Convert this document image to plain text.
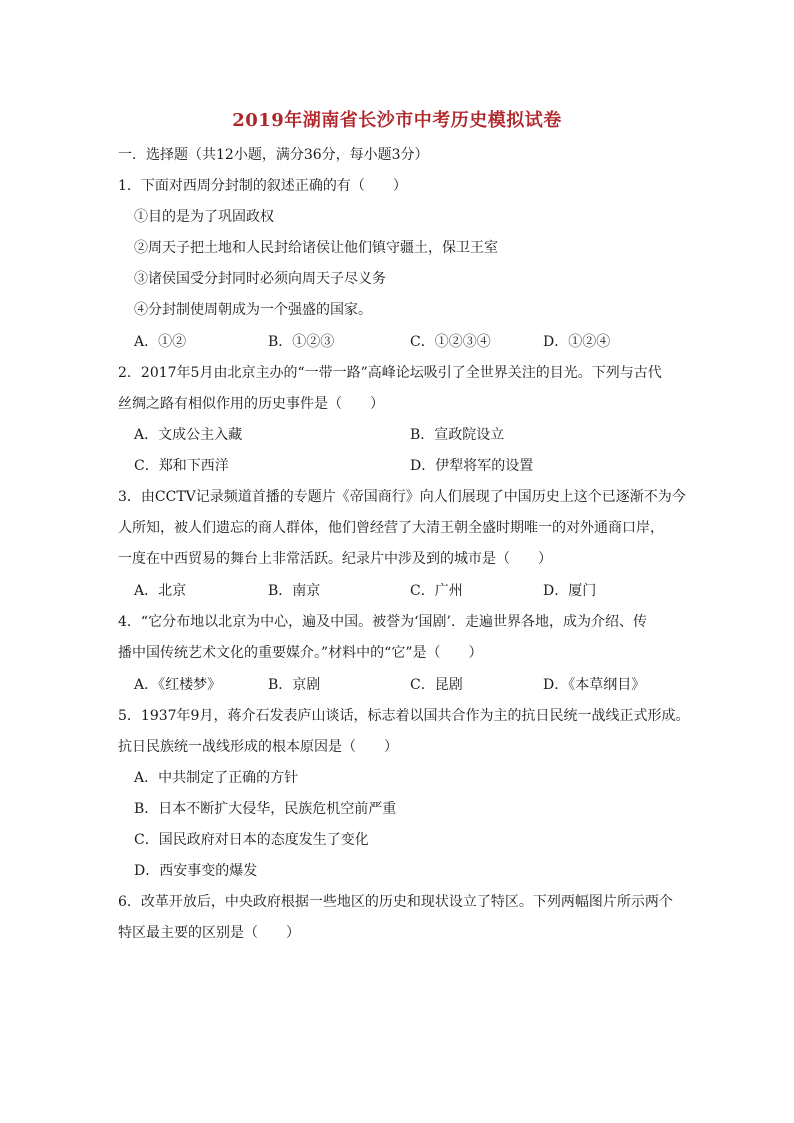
2019年湖南省长沙市中考历史模拟试卷
一．选择题（共12小题，满分36分，每小题3分）
1．下面对西周分封制的叙述正确的有（　　）
①目的是为了巩固政权
②周天子把土地和人民封给诸侯让他们镇守疆土，保卫王室
③诸侯国受分封同时必须向周天子尽义务
④分封制使周朝成为一个强盛的国家。
A．①②	B．①②③	C．①②③④	D．①②④
2．2017年5月由北京主办的“一带一路”高峰论坛吸引了全世界关注的目光。下列与古代
丝绸之路有相似作用的历史事件是（　　）
A．文成公主入藏	B．宣政院设立
C．郑和下西洋	D．伊犁将军的设置
3．由CCTV记录频道首播的专题片《帝国商行》向人们展现了中国历史上这个已逐渐不为今
人所知，被人们遗忘的商人群体，他们曾经营了大清王朝全盛时期唯一的对外通商口岸，
一度在中西贸易的舞台上非常活跃。纪录片中涉及到的城市是（　　）
A．北京	B．南京	C．广州	D．厦门
4．“它分布地以北京为中心，遍及中国。被誉为‘国剧’．走遍世界各地，成为介绍、传
播中国传统艺术文化的重要媒介。”材料中的“它”是（　　）
A．《红楼梦》	B．京剧	C．昆剧	D．《本草纲目》
5．1937年9月，蒋介石发表庐山谈话，标志着以国共合作为主的抗日民统一战线正式形成。
抗日民族统一战线形成的根本原因是（　　）
A．中共制定了正确的方针
B．日本不断扩大侵华，民族危机空前严重
C．国民政府对日本的态度发生了变化
D．西安事变的爆发
6．改革开放后，中央政府根据一些地区的历史和现状设立了特区。下列两幅图片所示两个
特区最主要的区别是（　　）
